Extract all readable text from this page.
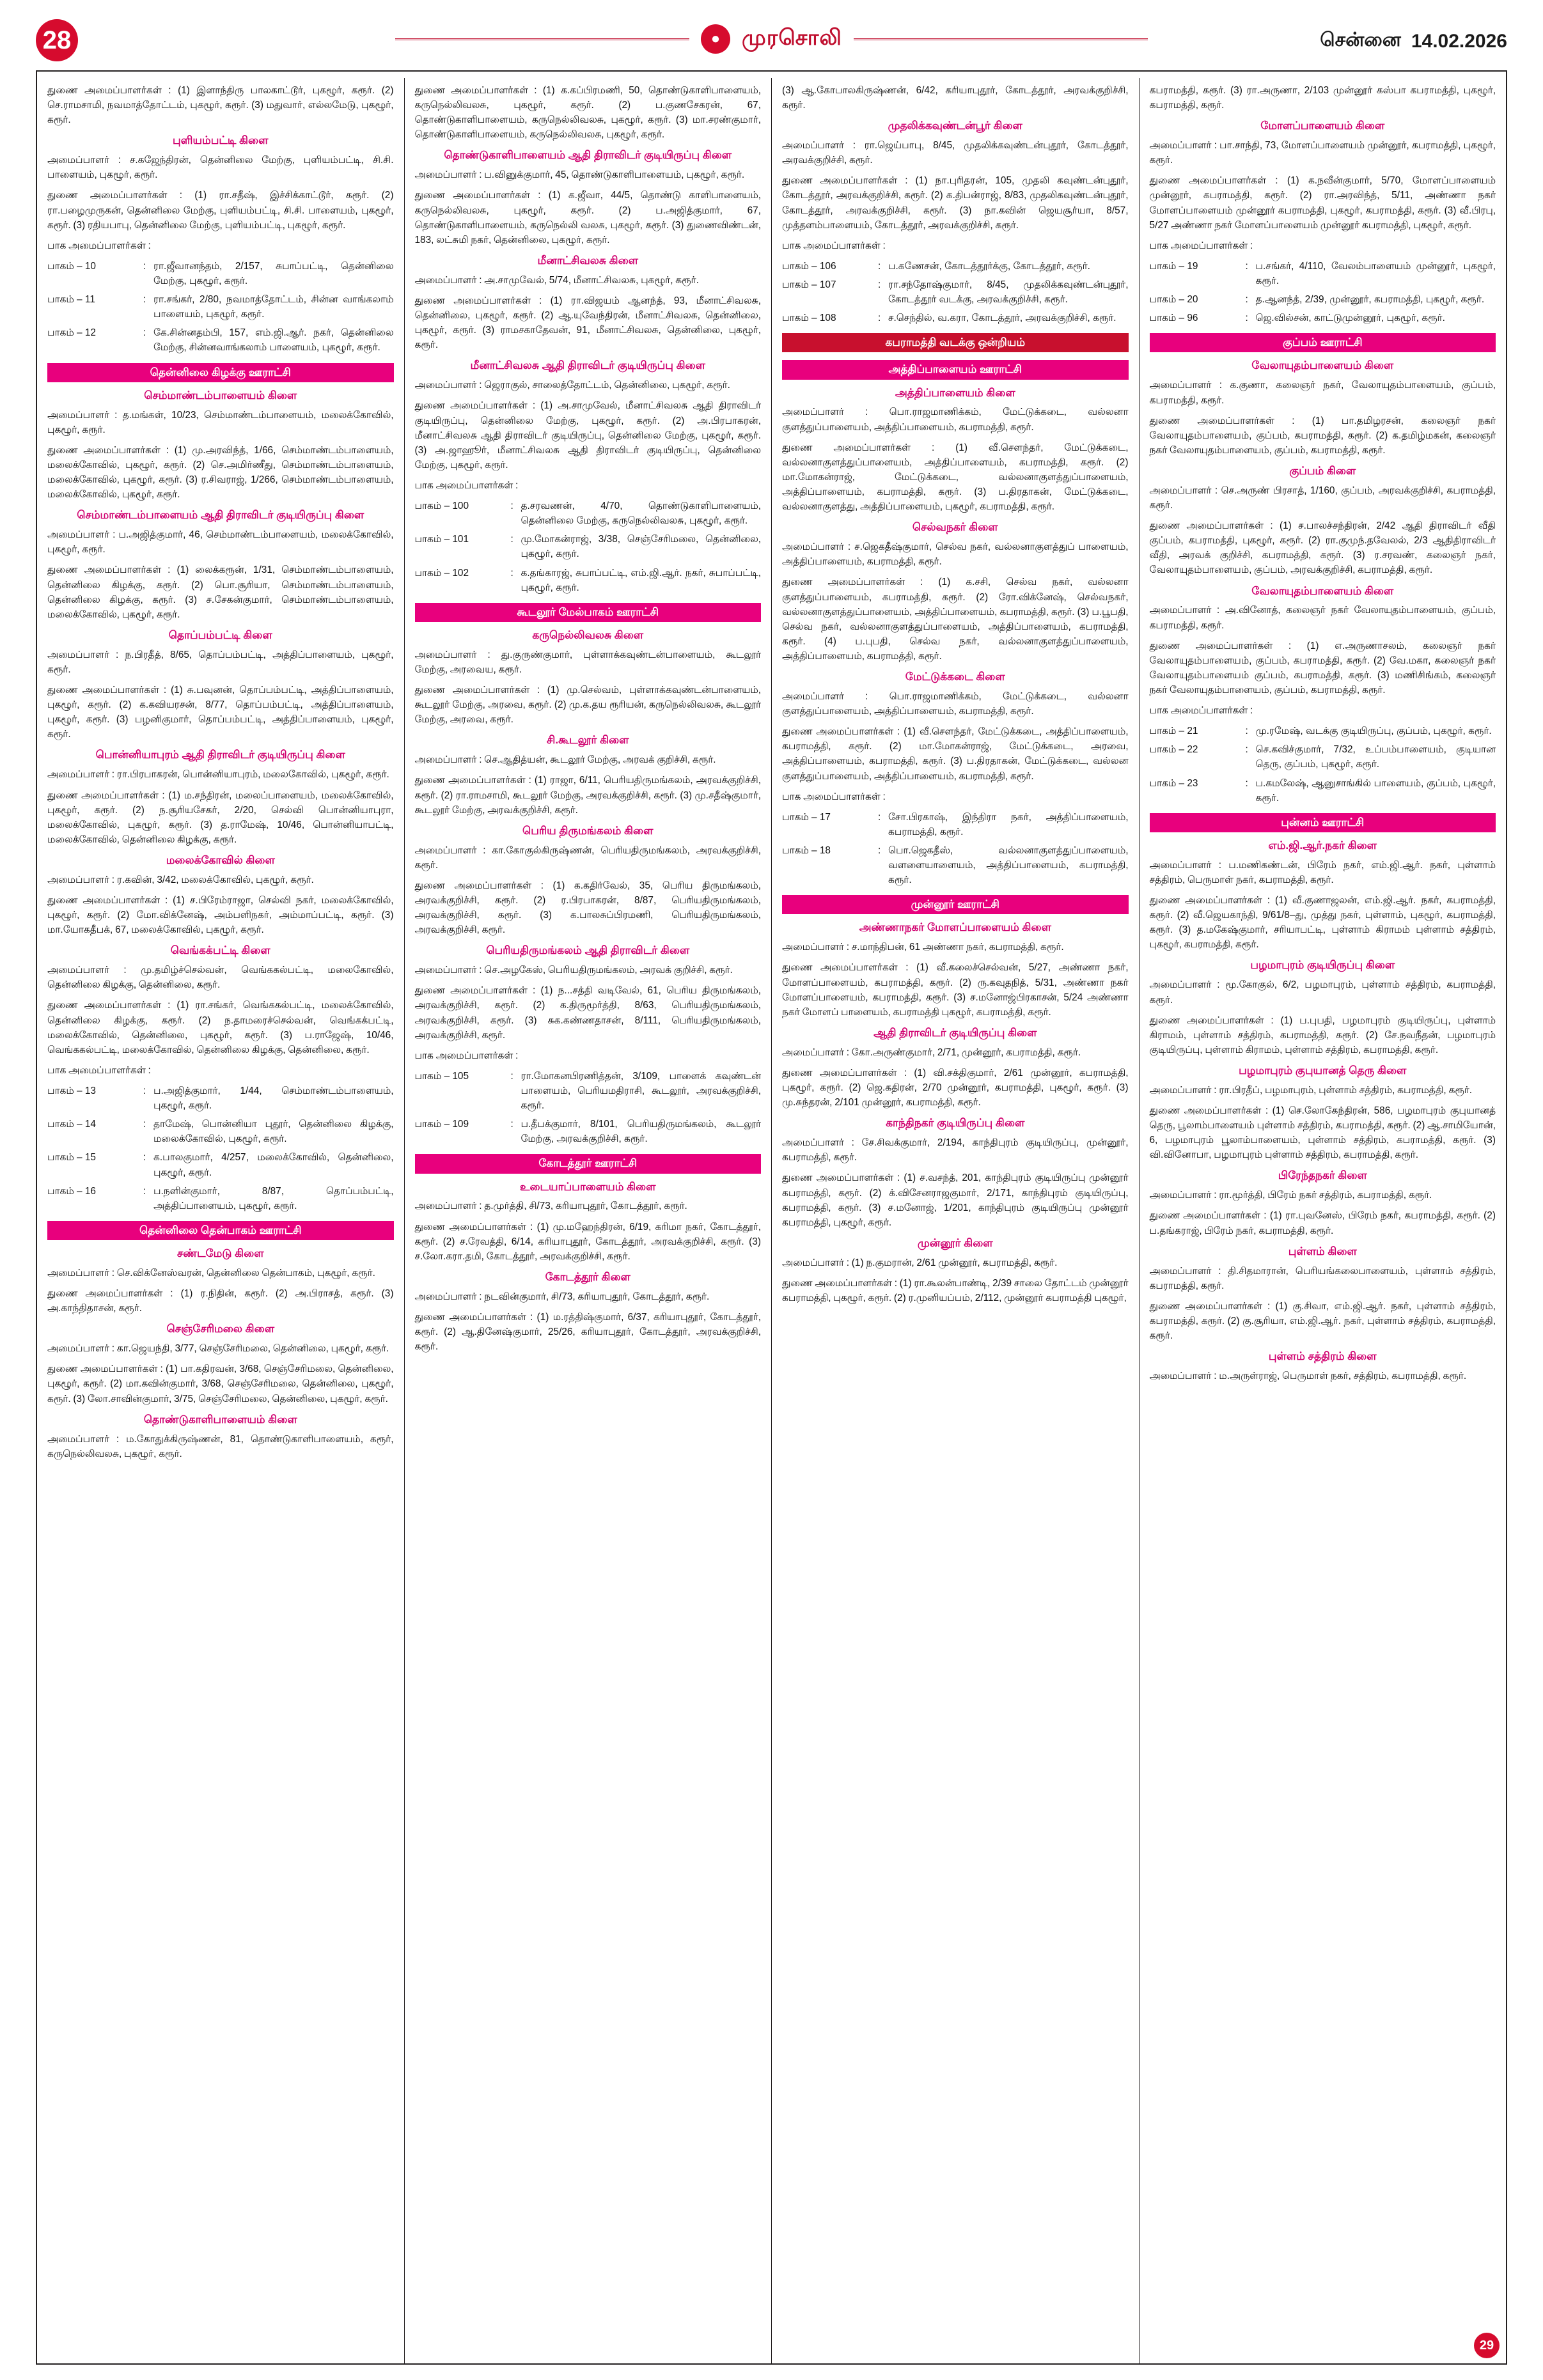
28	● முரசொலி	சென்னை 14.02.2026

துணை அமைப்பாளர்கள் : (1) இளாந்திரு பாலகாட்டூர், புகழூர், கரூர். (2) செ.ராமசாமி, நவமாத்தோட்டம், புகழூர், கரூர். (3) மதுவார், எல்லமேடு, புகழூர், கரூர்.

புளியம்பட்டி கிளை

அமைப்பாளர் : ச.கஜேந்திரன், தென்னிலை மேற்கு, புளியம்பட்டி, சி.சி. பாளையம், புகழூர், கரூர்.

துணை அமைப்பாளர்கள் : (1) ரா.சதீஷ், இச்சிக்காட்டூர், கரூர். (2) ரா.பழைமுருகன், தென்னிலை மேற்கு, புளியம்பட்டி, சி.சி. பாளையம், புகழூர், கரூர். (3) ரதியபாபு, தென்னிலை மேற்கு, புளியம்பட்டி, புகழூர், கரூர்.

பாக அமைப்பாளர்கள் :

பாகம் – 10	: ரா.ஜீவானந்தம், 2/157, சுபாப்பட்டி, தென்னிலை மேற்கு, புகழூர், கரூர்.
பாகம் – 11	: ரா.சங்கர், 2/80, நவமாத்தோட்டம், சின்ன வாங்கலாம் பாளையம், புகழூர், கரூர்.
பாகம் – 12	: கே.சின்னதம்பி, 157, எம்.ஜி.ஆர். நகர், தென்னிலை மேற்கு, சின்னவாங்கலாம் பாளையம், புகழூர், கரூர்.
தென்னிலை கிழக்கு ஊராட்சி
செம்மாண்டம்பாளையம் கிளை

அமைப்பாளர் : த.மங்கள், 10/23, செம்மாண்டம்பாளையம், மலைக்கோவில், புகழூர், கரூர்.

துணை அமைப்பாளர்கள் : (1) மு.அரவிந்த், 1/66, செம்மாண்டம்பாளையம், மலைக்கோவில், புகழூர், கரூர். (2) செ.அமிர்ணீது, செம்மாண்டம்பாளையம், மலைக்கோவில், புகழூர், கரூர். (3) ர.சிவராஜ், 1/266, செம்மாண்டம்பாளையம், மலைக்கோவில், புகழூர், கரூர்.

செம்மாண்டம்பாளையம் ஆதி திராவிடர் குடியிருப்பு கிளை

அமைப்பாளர் : ப.அஜித்குமார், 46, செம்மாண்டம்பாளையம், மலைக்கோவில், புகழூர், கரூர்.

துணை அமைப்பாளர்கள் : (1) லைக்கரூன், 1/31, செம்மாண்டம்பாளையம், தென்னிலை கிழக்கு, கரூர். (2) பொ.சூரியா, செம்மாண்டம்பாளையம், தென்னிலை கிழக்கு, கரூர். (3) ச.சேகன்குமார், செம்மாண்டம்பாளையம், மலைக்கோவில், புகழூர், கரூர்.

தொப்பம்பட்டி கிளை

அமைப்பாளர் : ந.பிரதீத், 8/65, தொப்பம்பட்டி, அத்திப்பாளையம், புகழூர், கரூர்.

துணை அமைப்பாளர்கள் : (1) சு.பவுனன், தொப்பம்பட்டி, அத்திப்பாளையம், புகழூர், கரூர். (2) க.கவியரசன், 8/77, தொப்பம்பட்டி, அத்திப்பாளையம், புகழூர், கரூர். (3) பழனிகுமார், தொப்பம்பட்டி, அத்திப்பாளையம், புகழூர், கரூர்.

பொன்னியாபுரம் ஆதி திராவிடர் குடியிருப்பு கிளை

அமைப்பாளர் : ரா.பிரபாகரன், பொன்னியாபுரம், மலைகோவில், புகழூர், கரூர்.

துணை அமைப்பாளர்கள் : (1) ம.சந்திரன், மலைப்பாளையம், மலைக்கோவில், புகழூர், கரூர். (2) ந.சூரியசேகர், 2/20, செல்வி பொன்னியாபுரா, மலைக்கோவில், புகழூர், கரூர். (3) த.ராமேஷ், 10/46, பொன்னியாபட்டி, மலைக்கோவில், தென்னிலை கிழக்கு, கரூர்.

மலைக்கோவில் கிளை

அமைப்பாளர் : ர.கவின், 3/42, மலைக்கோவில், புகழூர், கரூர்.

துணை அமைப்பாளர்கள் : (1) ச.பிரேம்ராஜா, செல்வி நகர், மலைக்கோவில், புகழூர், கரூர். (2) மோ.விக்னேஷ், அம்பளிநகர், அம்மாப்பட்டி, கரூர். (3) மா.யோகதீபக், 67, மலைக்கோவில், புகழூர், கரூர்.

வெங்கக்பட்டி கிளை

அமைப்பாளர் : மு.தமிழ்ச்செல்வன், வெங்ககல்பட்டி, மலைகோவில், தென்னிலை கிழக்கு, தென்னிலை, கரூர்.

துணை அமைப்பாளர்கள் : (1) ரா.சங்கர், வெங்ககல்பட்டி, மலைக்கோவில், தென்னிலை கிழக்கு, கரூர். (2) ந.தாமரைச்செல்வன், வெங்கக்பட்டி, மலைக்கோவில், தென்னிலை, புகழூர், கரூர். (3) ப.ராஜேஷ், 10/46, வெங்ககல்பட்டி, மலைக்கோவில், தென்னிலை கிழக்கு, தென்னிலை, கரூர்.

பாக அமைப்பாளர்கள் :

பாகம் – 13	: ப.அஜித்குமார், 1/44, செம்மாண்டம்பாளையம், புகழூர், கரூர்.
பாகம் – 14	: தாமேஷ், பொன்னியா புதூர், தென்னிலை கிழக்கு, மலைக்கோவில், புகழூர், கரூர்.
பாகம் – 15	: க.பாலகுமார், 4/257, மலைக்கோவில், தென்னிலை, புகழூர், கரூர்.
பாகம் – 16	: ப.நளின்குமார், 8/87, தொப்பம்பட்டி, அத்திப்பாளையம், புகழூர், கரூர்.
தென்னிலை தென்பாகம் ஊராட்சி
சண்டமேடு கிளை

அமைப்பாளர் : செ.விக்னேஸ்வரன், தென்னிலை தென்பாகம், புகழூர், கரூர்.

துணை அமைப்பாளர்கள் : (1) ர.நிதின், கரூர். (2) அ.பிராசத், கரூர். (3) அ.காந்திதாசன், கரூர்.

செஞ்சேரிமலை கிளை

அமைப்பாளர் : கா.ஜெயந்தி, 3/77, செஞ்சேரிமலை, தென்னிலை, புகழூர், கரூர்.

துணை அமைப்பாளர்கள் : (1) பா.கதிரவன், 3/68, செஞ்சேரிமலை, தென்னிலை, புகழூர், கரூர். (2) மா.கவின்குமார், 3/68, செஞ்சேரிமலை, தென்னிலை, புகழூர், கரூர். (3) லோ.சாவின்குமார், 3/75, செஞ்சேரிமலை, தென்னிலை, புகழூர், கரூர்.

தொண்டுகாளிபாளையம் கிளை

அமைப்பாளர் : ம.கோதுக்கிருஷ்ணன், 81, தொண்டுகாளிபாளையம், கரூர், கருநெல்லிவலசு, புகழூர், கரூர்.

துணை அமைப்பாளர்கள் : (1) க.கப்பிரமணி, 50, தொண்டுகாளிபாளையம், கருநெல்லிவலசு, புகழூர், கரூர். (2) ப.குணசேகரன், 67, தொண்டுகாளிபாளையம், கருநெல்லிவலசு, புகழூர், கரூர். (3) மா.சரண்குமார், தொண்டுகாளிபாளையம், கருநெல்லிவலசு, புகழூர், கரூர்.

தொண்டுகாளிபாளையம் ஆதி திராவிடர் குடியிருப்பு கிளை

அமைப்பாளர் : ப.வினுக்குமார், 45, தொண்டுகாளிபாளையம், புகழூர், கரூர்.

துணை அமைப்பாளர்கள் : (1) க.ஜீவா, 44/5, தொண்டு காளிபாளையம், கருநெல்லிவலசு, புகழூர், கரூர். (2) ப.அஜித்குமார், 67, தொண்டுகாளிபாளையம், கருநெல்லி வலசு, புகழூர், கரூர். (3) துணைவிண்டன், 183, லட்சுமி நகர், தென்னிலை, புகழூர், கரூர்.

மீனாட்சிவலசு கிளை

அமைப்பாளர் : அ.சாமுவேல், 5/74, மீனாட்சிவலசு, புகழூர், கரூர்.

துணை அமைப்பாளர்கள் : (1) ரா.விஜயம் ஆனந்த், 93, மீனாட்சிவலசு, தென்னிலை, புகழூர், கரூர். (2) ஆ.யுவேந்திரன், மீனாட்சிவலசு, தென்னிலை, புகழூர், கரூர். (3) ராமசகாதேவன், 91, மீனாட்சிவலசு, தென்னிலை, புகழூர், கரூர்.

மீனாட்சிவலசு ஆதி திராவிடர் குடியிருப்பு கிளை

அமைப்பாளர் : ஜெராகுல், சாலைத்தோட்டம், தென்னிலை, புகழூர், கரூர்.

துணை அமைப்பாளர்கள் : (1) அ.சாமுவேல், மீனாட்சிவலசு ஆதி திராவிடர் குடியிருப்பு, தென்னிலை மேற்கு, புகழூர், கரூர். (2) அ.பிரபாகரன், மீனாட்சிவலசு ஆதி திராவிடர் குடியிருப்பு, தென்னிலை மேற்கு, புகழூர், கரூர். (3) அ.ஜாஹூர், மீனாட்சிவலசு ஆதி திராவிடர் குடியிருப்பு, தென்னிலை மேற்கு, புகழூர், கரூர்.

பாக அமைப்பாளர்கள் :

பாகம் – 100	: த.சரவணன், 4/70, தொண்டுகாளிபாளையம், தென்னிலை மேற்கு, கருநெல்லிவலசு, புகழூர், கரூர்.
பாகம் – 101	: மு.மோகன்ராஜ், 3/38, செஞ்சேரிமலை, தென்னிலை, புகழூர், கரூர்.
பாகம் – 102	: க.தங்காரஜ், சுபாப்பட்டி, எம்.ஜி.ஆர். நகர், சுபாப்பட்டி, புகழூர், கரூர்.
கூடலூர் மேல்பாகம் ஊராட்சி
கருநெல்லிவலசு கிளை

அமைப்பாளர் : து.குருண்குமார், புள்ளாக்கவுண்டன்பாளையம், கூடலூர் மேற்கு, அரவைய, கரூர்.

துணை அமைப்பாளர்கள் : (1) மு.செல்வம், புள்ளாக்கவுண்டன்பாளையம், கூடலூர் மேற்கு, அரவை, கரூர். (2) மு.க.தய ரூரியன், கருநெல்லிவலசு, கூடலூர் மேற்கு, அரவை, கரூர்.

சி.கூடலூர் கிளை

அமைப்பாளர் : செ.ஆதித்யன், கூடலூர் மேற்கு, அரவக் குறிச்சி, கரூர்.

துணை அமைப்பாளர்கள் : (1) ராஜா, 6/11, பெரியதிருமங்கலம், அரவக்குறிச்சி, கரூர். (2) ரா.ராமசாமி, கூடலூர் மேற்கு, அரவக்குறிச்சி, கரூர். (3) மு.சதீஷ்குமார், கூடலூர் மேற்கு, அரவக்குறிச்சி, கரூர்.

பெரிய திருமங்கலம் கிளை

அமைப்பாளர் : கா.கோகுல்கிருஷ்ணன், பெரியதிருமங்கலம், அரவக்குறிச்சி, கரூர்.

துணை அமைப்பாளர்கள் : (1) க.கதிர்வேல், 35, பெரிய திருமங்கலம், அரவக்குறிச்சி, கரூர். (2) ர.பிரபாகரன், 8/87, பெரியதிருமங்கலம், அரவக்குறிச்சி, கரூர். (3) க.பாலசுப்பிரமணி, பெரியதிருமங்கலம், அரவக்குறிச்சி, கரூர்.

பெரியதிருமங்கலம் ஆதி திராவிடர் கிளை

அமைப்பாளர் : செ.அழகேஸ், பெரியதிருமங்கலம், அரவக் குறிச்சி, கரூர்.

துணை அமைப்பாளர்கள் : (1) ந...சத்தி வடிவேல், 61, பெரிய திருமங்கலம், அரவக்குறிச்சி, கரூர். (2) க.திருமூர்த்தி, 8/63, பெரியதிருமங்கலம், அரவக்குறிச்சி, கரூர். (3) சுக.கண்ணதாசன், 8/111, பெரியதிருமங்கலம், அரவக்குறிச்சி, கரூர்.

பாக அமைப்பாளர்கள் :

பாகம் – 105	: ரா.மோகனபிரணித்தன், 3/109, பாளைக் கவுண்டன் பாளையம், பெரியமதிராசி, கூடலூர், அரவக்குறிச்சி, கரூர்.
பாகம் – 109	: ப.தீபக்குமார், 8/101, பெரியதிருமங்கலம், கூடலூர் மேற்கு, அரவக்குறிச்சி, கரூர்.
கோடத்தூர் ஊராட்சி
உடையாப்பாளையம் கிளை

அமைப்பாளர் : த.முர்த்தி, சி/73, கரியாபுதூர், கோடத்தூர், கரூர்.

துணை அமைப்பாளர்கள் : (1) மு.மஹேந்திரன், 6/19, கரிமா நகர், கோடத்தூர், கரூர். (2) ச.ரேவத்தி, 6/14, கரியாபுதூர், கோடத்தூர், அரவக்குறிச்சி, கரூர். (3) ச.லோ.கரா.தமி, கோடத்தூர், அரவக்குறிச்சி, கரூர்.

கோடத்தூர் கிளை

அமைப்பாளர் : நடவின்குமார், சி/73, கரியாபுதூர், கோடத்தூர், கரூர்.

துணை அமைப்பாளர்கள் : (1) ம.ரத்திஷ்குமார், 6/37, கரியாபுதூர், கோடத்தூர், கரூர். (2) ஆ.தினேஷ்குமார், 25/26, கரியாபுதூர், கோடத்தூர், அரவக்குறிச்சி, கரூர்.

(3) ஆ.கோபாலகிருஷ்ணன், 6/42, கரியாபுதூர், கோடத்தூர், அரவக்குறிச்சி, கரூர்.

முதலிக்கவுண்டன்பூர் கிளை

அமைப்பாளர் : ரா.ஜெய்பாபு, 8/45, முதலிக்கவுண்டன்புதூர், கோடத்தூர், அரவக்குறிச்சி, கரூர்.

துணை அமைப்பாளர்கள் : (1) நா.புரிதரன், 105, முதலி கவுண்டன்புதூர், கோடத்தூர், அரவக்குறிச்சி, கரூர். (2) க.திபன்ராஜ், 8/83, முதலிகவுண்டன்புதூர், கோடத்தூர், அரவக்குறிச்சி, கரூர். (3) நா.கவின் ஜெயசூர்யா, 8/57, முத்தளம்பாளையம், கோடத்தூர், அரவக்குறிச்சி, கரூர்.

பாக அமைப்பாளர்கள் :

பாகம் – 106	: ப.கணேசன், கோடத்தூர்க்கு, கோடத்தூர், கரூர்.
பாகம் – 107	: ரா.சந்தோஷ்குமார், 8/45, முதலிக்கவுண்டன்புதூர், கோடத்தூர் வடக்கு, அரவக்குறிச்சி, கரூர்.
பாகம் – 108	: ச.செந்தில், வ.கரா, கோடத்தூர், அரவக்குறிச்சி, கரூர்.
கபராமத்தி வடக்கு ஒன்றியம்
அத்திப்பாளையம் ஊராட்சி
அத்திப்பாளையம் கிளை

அமைப்பாளர் : பொ.ராஜமாணிக்கம், மேட்டுக்கடை, வல்லனா குளத்துப்பாளையம், அத்திப்பாளையம், கபராமத்தி, கரூர்.

துணை அமைப்பாளர்கள் : (1) வீ.சௌந்தர், மேட்டுக்கடை, வல்லனாகுளத்துப்பாளையம், அத்திப்பாளையம், கபராமத்தி, கரூர். (2) மா.மோகன்ராஜ், மேட்டுக்கடை, வல்லனாகுளத்துப்பாளையம், அத்திப்பாளையம், கபராமத்தி, கரூர். (3) ப.திரதாகன், மேட்டுக்கடை, வல்லனாகுளத்து, அத்திப்பாளையம், புகழூர், கபராமத்தி, கரூர்.

செல்வநகர் கிளை

அமைப்பாளர் : ச.ஜெகதீஷ்குமார், செல்வ நகர், வல்லனாகுளத்துப் பாளையம், அத்திப்பாளையம், கபராமத்தி, கரூர்.

துணை அமைப்பாளர்கள் : (1) க.சசி, செல்வ நகர், வல்லனா குளத்துப்பாளையம், கபராமத்தி, கரூர். (2) ரோ.விக்னேஷ், செல்வநகர், வல்லனாகுளத்துப்பாளையம், அத்திப்பாளையம், கபராமத்தி, கரூர். (3) ப.பூபதி, செல்வ நகர், வல்லனாகுளத்துப்பாளையம், அத்திப்பாளையம், கபராமத்தி, கரூர். (4) ப.புபதி, செல்வ நகர், வல்லனாகுளத்துப்பாளையம், அத்திப்பாளையம், கபராமத்தி, கரூர்.

மேட்டுக்கடை கிளை

அமைப்பாளர் : பொ.ராஜமாணிக்கம், மேட்டுக்கடை, வல்லனா குளத்துப்பாளையம், அத்திப்பாளையம், கபராமத்தி, கரூர்.

துணை அமைப்பாளர்கள் : (1) வீ.சௌந்தர், மேட்டுக்கடை, அத்திப்பாளையம், கபராமத்தி, கரூர். (2) மா.மோகன்ராஜ், மேட்டுக்கடை, அரவை, அத்திப்பாளையம், கபராமத்தி, கரூர். (3) ப.திரதாகன், மேட்டுக்கடை, வல்லன குளத்துப்பாளையம், அத்திப்பாளையம், கபராமத்தி, கரூர்.

பாக அமைப்பாளர்கள் :

பாகம் – 17	: சோ.பிரகாஷ், இந்திரா நகர், அத்திப்பாளையம், கபராமத்தி, கரூர்.
பாகம் – 18	: பொ.ஜெகதீஸ், வல்லனாகுளத்துப்பாளையம், வளளையாளையம், அத்திப்பாளையம், கபராமத்தி, கரூர்.
முன்னூர் ஊராட்சி
அண்ணாநகர் மோளப்பாளையம் கிளை

அமைப்பாளர் : ச.மாந்திபன், 61 அண்ணா நகர், கபராமத்தி, கரூர்.

துணை அமைப்பாளர்கள் : (1) வீ.கலைச்செல்வன், 5/27, அண்ணா நகர், மோளப்பாளையம், கபராமத்தி, கரூர். (2) ரு.கவுதநித், 5/31, அண்ணா நகர் மோளப்பாளையம், கபராமத்தி, கரூர். (3) ச.மனோஜ்பிரகாசன், 5/24 அண்ணா நகர் மோளப் பாளையம், கபராமத்தி புகழூர், கபராமத்தி, கரூர்.

ஆதி திராவிடர் குடியிருப்பு கிளை

அமைப்பாளர் : கோ.அருண்குமார், 2/71, முன்னூர், கபராமத்தி, கரூர்.

துணை அமைப்பாளர்கள் : (1) வி.சக்திகுமார், 2/61 முன்னூர், கபராமத்தி, புகழூர், கரூர். (2) ஜெ.கதிரன், 2/70 முன்னூர், கபராமத்தி, புகழூர், கரூர். (3) மு.சுந்தரன், 2/101 முன்னூர், கபராமத்தி, கரூர்.

காந்திநகர் குடியிருப்பு கிளை

அமைப்பாளர் : சே.சிவக்குமார், 2/194, காந்திபுரம் குடியிருப்பு, முன்னூர், கபராமத்தி, கரூர்.

துணை அமைப்பாளர்கள் : (1) ச.வசந்த், 201, காந்திபுரம் குடியிருப்பு முன்னூர் கபராமத்தி, கரூர். (2) க்.விசேனராஜகுமார், 2/171, காந்திபுரம் குடியிருப்பு, கபராமத்தி, கரூர். (3) ச.மனோஜ், 1/201, காந்திபுரம் குடியிருப்பு முன்னூர் கபராமத்தி, புகழூர், கரூர்.

முன்னூர் கிளை

அமைப்பாளர் : (1) ந.குமரான், 2/61 முன்னூர், கபராமத்தி, கரூர்.

துணை அமைப்பாளர்கள் : (1) ரா.கூலன்பாண்டி, 2/39 சாலை தோட்டம் முன்னூர் கபராமத்தி, புகழூர், கரூர். (2) ர.முனியப்பம், 2/112, முன்னூர் கபராமத்தி புகழூர்,

கபராமத்தி, கரூர். (3) ரா.அருணா, 2/103 முன்னூர் கஸ்பா கபராமத்தி, புகழூர், கபராமத்தி, கரூர்.

மோளப்பாளையம் கிளை

அமைப்பாளர் : பா.சாந்தி, 73, மோளப்பாளையம் முன்னூர், கபராமத்தி, புகழூர், கரூர்.

துணை அமைப்பாளர்கள் : (1) க.நவீன்குமார், 5/70, மோளப்பாளையம் முன்னூர், கபராமத்தி, கரூர். (2) ரா.அரவிந்த், 5/11, அண்ணா நகர் மோளப்பாளையம் முன்னூர் கபராமத்தி, புகழூர், கபராமத்தி, கரூர். (3) வீ.பிரபு, 5/27 அண்ணா நகர் மோளப்பாளையம் முன்னூர் கபராமத்தி, புகழூர், கரூர்.

பாக அமைப்பாளர்கள் :

பாகம் – 19	: ப.சங்கர், 4/110, வேலம்பாளையம் முன்னூர், புகழூர், கரூர்.
பாகம் – 20	: த.ஆனந்த், 2/39, முன்னூர், கபராமத்தி, புகழூர், கரூர்.
பாகம் – 96	: ஜெ.வில்சன், காட்டுமுன்னூர், புகழூர், கரூர்.
குப்பம் ஊராட்சி
வேலாயுதம்பாளையம் கிளை

அமைப்பாளர் : க.குணா, கலைஞர் நகர், வேலாயுதம்பாளையம், குப்பம், கபராமத்தி, கரூர்.

துணை அமைப்பாளர்கள் : (1) பா.தமிழரசன், கலைஞர் நகர் வேலாயுதம்பாளையம், குப்பம், கபராமத்தி, கரூர். (2) க.தமிழ்மகன், கலைஞர் நகர் வேலாயுதம்பாளையம், குப்பம், கபராமத்தி, கரூர்.

குப்பம் கிளை

அமைப்பாளர் : செ.அருண் பிரசாத், 1/160, குப்பம், அரவக்குறிச்சி, கபராமத்தி, கரூர்.

துணை அமைப்பாளர்கள் : (1) ச.பாலச்சந்திரன், 2/42 ஆதி திராவிடர் வீதி குப்பம், கபராமத்தி, புகழூர், கரூர். (2) ரா.குமுந்.தவேலல், 2/3 ஆதிதிராவிடர் வீதி, அரவக் குறிச்சி, கபராமத்தி, கரூர். (3) ர.சரவண், கலைஞர் நகர், வேலாயுதம்பாளையம், குப்பம், அரவக்குறிச்சி, கபராமத்தி, கரூர்.

வேலாயுதம்பாளையம் கிளை

அமைப்பாளர் : அ.வினோத், கலைஞர் நகர் வேலாயுதம்பாளையம், குப்பம், கபராமத்தி, கரூர்.

துணை அமைப்பாளர்கள் : (1) எ.அருணாசலம், கலைஞர் நகர் வேலாயுதம்பாளையம், குப்பம், கபராமத்தி, கரூர். (2) வே.மகா, கலைஞர் நகர் வேலாயுதம்பாளையம் குப்பம், கபராமத்தி, கரூர். (3) மணிசிங்கம், கலைஞர் நகர் வேலாயுதம்பாளையம், குப்பம், கபராமத்தி, கரூர்.

பாக அமைப்பாளர்கள் :

பாகம் – 21	: மு.ரமேஷ், வடக்கு குடியிருப்பு, குப்பம், புகழூர், கரூர்.
பாகம் – 22	: செ.கவிச்குமார், 7/32, உப்பம்பாளையம், குடியான தெரு, குப்பம், புகழூர், கரூர்.
பாகம் – 23	: ப.கமலேஷ், ஆனுசாங்கில் பாளையம், குப்பம், புகழூர், கரூர்.
புன்னம் ஊராட்சி
எம்.ஜி.ஆர்.நகர் கிளை

அமைப்பாளர் : ப.மணிகண்டன், பிரேம் நகர், எம்.ஜி.ஆர். நகர், புள்ளாம் சத்திரம், பெருமாள் நகர், கபராமத்தி, கரூர்.

துணை அமைப்பாளர்கள் : (1) வீ.குணாஜலன், எம்.ஜி.ஆர். நகர், கபராமத்தி, கரூர். (2) வீ.ஜெயகாந்தி, 9/61/8–து, முத்து நகர், புள்ளாம், புகழூர், கபராமத்தி, கரூர். (3) த.மகேஷ்குமார், சரியாபட்டி, புள்ளாம் கிராமம் புள்ளாம் சத்திரம், புகழூர், கபராமத்தி, கரூர்.

பழமாபுரம் குடியிருப்பு கிளை

அமைப்பாளர் : மூ.கோகுல், 6/2, பழமாபுரம், புள்ளாம் சத்திரம், கபராமத்தி, கரூர்.

துணை அமைப்பாளர்கள் : (1) ப.புபதி, பழமாபுரம் குடியிருப்பு, புள்ளாம் கிராமம், புள்ளாம் சத்திரம், கபராமத்தி, கரூர். (2) சே.நவநீதன், பழமாபுரம் குடியிருப்பு, புள்ளாம் கிராமம், புள்ளாம் சத்திரம், கபராமத்தி, கரூர்.

பழமாபுரம் குபுயானத் தெரு கிளை

அமைப்பாளர் : ரா.பிரதீப், பழமாபுரம், புள்ளாம் சத்திரம், கபராமத்தி, கரூர்.

துணை அமைப்பாளர்கள் : (1) செ.லோகேந்திரன், 586, பழமாபுரம் குபுயானத் தெரு, பூலாம்பாளையம் புள்ளாம் சத்திரம், கபராமத்தி, கரூர். (2) ஆ.சாமியோன், 6, பழமாபுரம் பூலாம்பாளையம், புள்ளாம் சத்திரம், கபராமத்தி, கரூர். (3) வி.வினோபா, பழமாபுரம் புள்ளாம் சத்திரம், கபராமத்தி, கரூர்.

பிரேந்தநகர் கிளை

அமைப்பாளர் : ரா.மூர்த்தி, பிரேம் நகர் சத்திரம், கபராமத்தி, கரூர்.

துணை அமைப்பாளர்கள் : (1) ரா.புவனேஸ், பிரேம் நகர், கபராமத்தி, கரூர். (2) ப.தங்கராஜ், பிரேம் நகர், கபராமத்தி, கரூர்.

புள்ளம் கிளை

அமைப்பாளர் : தி.சிதமாரான், பெரியங்கலைபாளையம், புள்ளாம் சத்திரம், கபராமத்தி, கரூர்.

துணை அமைப்பாளர்கள் : (1) கு.சிவா, எம்.ஜி.ஆர். நகர், புள்ளாம் சத்திரம், கபராமத்தி, கரூர். (2) கு.சூரியா, எம்.ஜி.ஆர். நகர், புள்ளாம் சத்திரம், கபராமத்தி, கரூர்.

புள்ளம் சத்திரம் கிளை

அமைப்பாளர் : ம.அருள்ராஜ், பெருமாள் நகர், சத்திரம், கபராமத்தி, கரூர்.

29
